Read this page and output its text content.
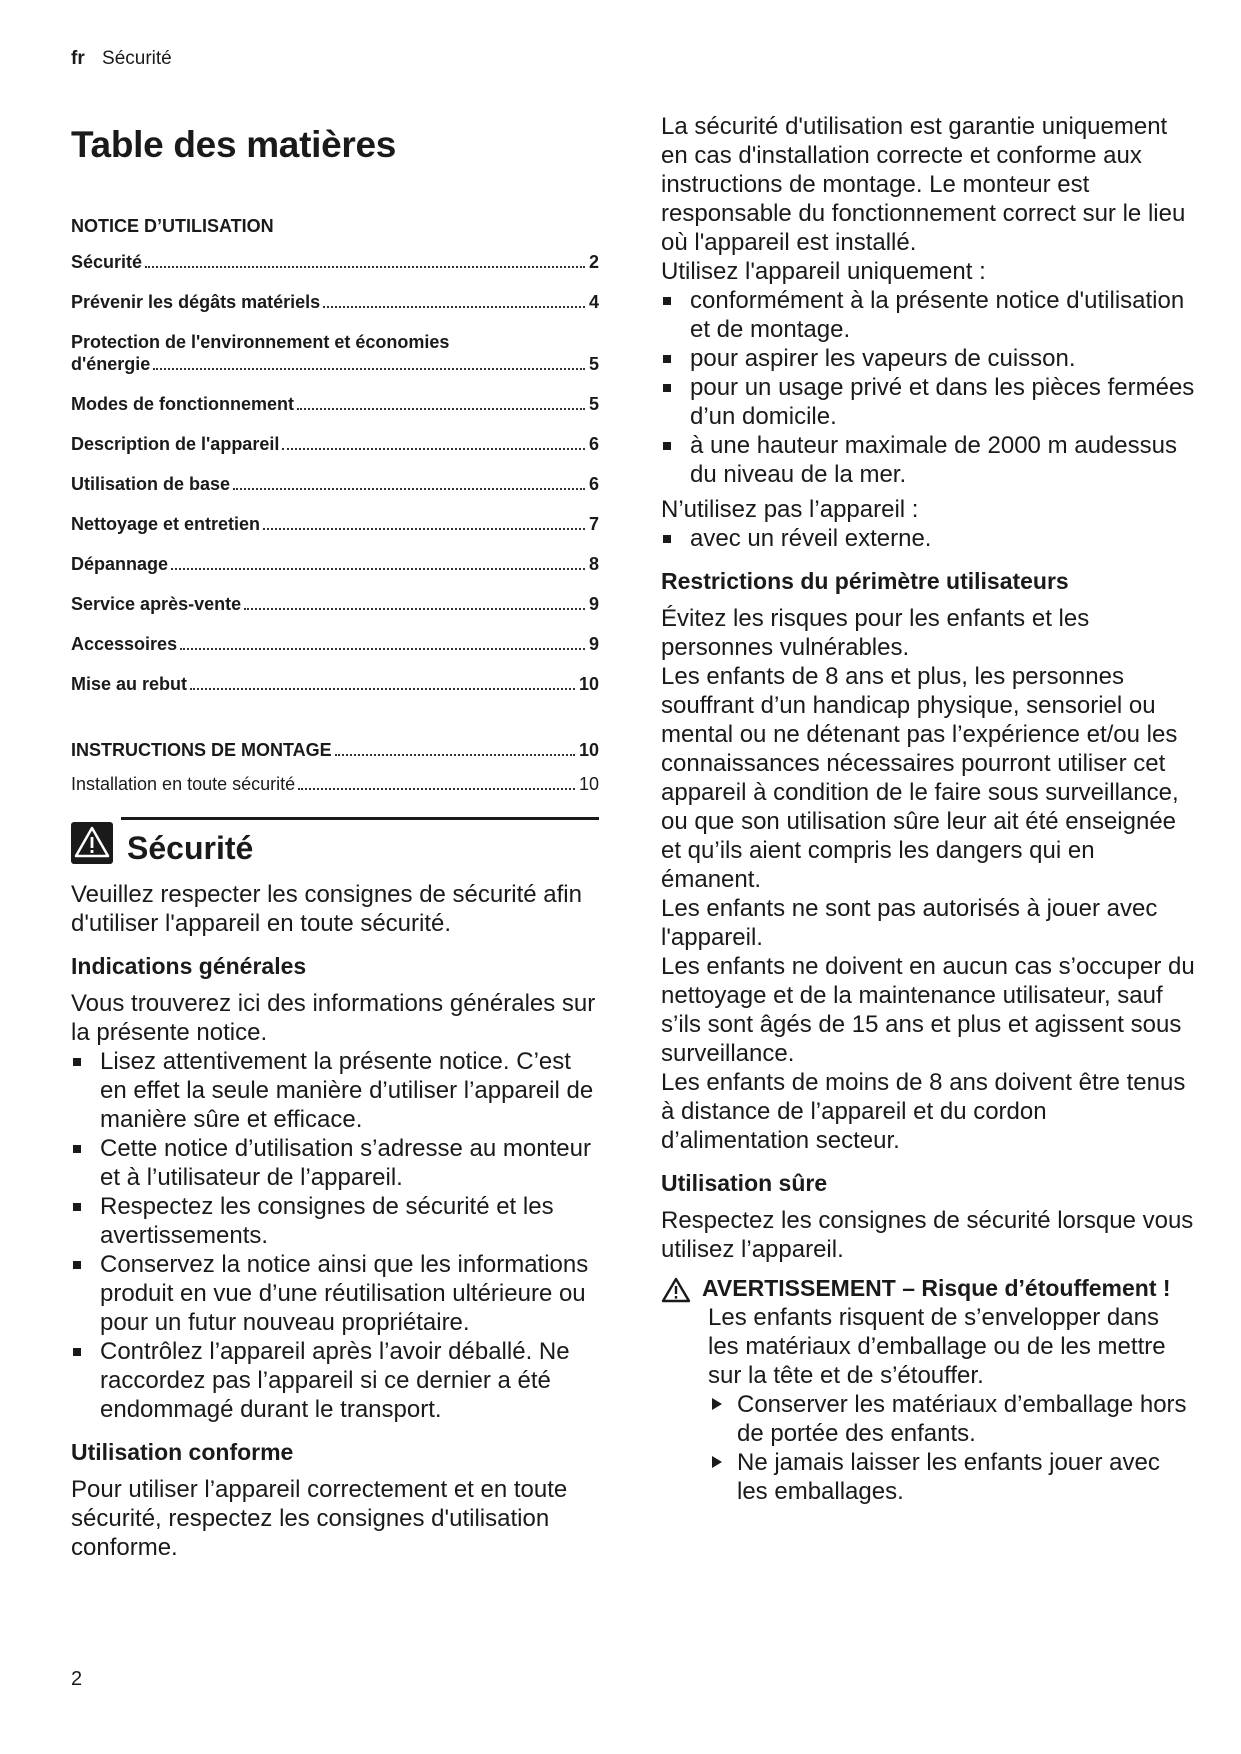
fr Sécurité
Table des matières
NOTICE D’UTILISATION
Sécurité	2
Prévenir les dégâts matériels	4
Protection de l'environnement et économies
d'énergie	5
Modes de fonctionnement	5
Description de l'appareil	6
Utilisation de base	6
Nettoyage et entretien	7
Dépannage	8
Service après-vente	9
Accessoires	9
Mise au rebut	10
INSTRUCTIONS DE MONTAGE	10
Installation en toute sécurité	10
Sécurité

Veuillez respecter les consignes de sécurité afin d'utiliser l'appareil en toute sécurité.

Indications générales

Vous trouverez ici des informations générales sur la présente notice.

Lisez attentivement la présente notice. C’est en effet la seule manière d’utiliser l’appareil de manière sûre et efficace.
Cette notice d’utilisation s’adresse au monteur et à l’utilisateur de l’appareil.
Respectez les consignes de sécurité et les avertissements.
Conservez la notice ainsi que les informations produit en vue d’une réutilisation ultérieure ou pour un futur nouveau propriétaire.
Contrôlez l’appareil après l’avoir déballé. Ne raccordez pas l’appareil si ce dernier a été endommagé durant le transport.
Utilisation conforme

Pour utiliser l’appareil correctement et en toute sécurité, respectez les consignes d'utilisation conforme.

La sécurité d'utilisation est garantie uniquement en cas d'installation correcte et conforme aux instructions de montage. Le monteur est responsable du fonctionnement correct sur le lieu où l'appareil est installé.

Utilisez l'appareil uniquement :

conformément à la présente notice d'utilisation et de montage.
pour aspirer les vapeurs de cuisson.
pour un usage privé et dans les pièces fermées d’un domicile.
à une hauteur maximale de 2000 m audessus du niveau de la mer.

N’utilisez pas l’appareil :

avec un réveil externe.
Restrictions du périmètre utilisateurs

Évitez les risques pour les enfants et les personnes vulnérables.

Les enfants de 8 ans et plus, les personnes souffrant d’un handicap physique, sensoriel ou mental ou ne détenant pas l’expérience et/ou les connaissances nécessaires pourront utiliser cet appareil à condition de le faire sous surveillance, ou que son utilisation sûre leur ait été enseignée et qu’ils aient compris les dangers qui en émanent.

Les enfants ne sont pas autorisés à jouer avec l'appareil.

Les enfants ne doivent en aucun cas s’occuper du nettoyage et de la maintenance utilisateur, sauf s’ils sont âgés de 15 ans et plus et agissent sous surveillance.

Les enfants de moins de 8 ans doivent être tenus à distance de l’appareil et du cordon d’alimentation secteur.

Utilisation sûre

Respectez les consignes de sécurité lorsque vous utilisez l’appareil.

AVERTISSEMENT – Risque d’étouffement !

Les enfants risquent de s’envelopper dans les matériaux d’emballage ou de les mettre sur la tête et de s’étouffer.

Conserver les matériaux d’emballage hors de portée des enfants.
Ne jamais laisser les enfants jouer avec les emballages.
2
